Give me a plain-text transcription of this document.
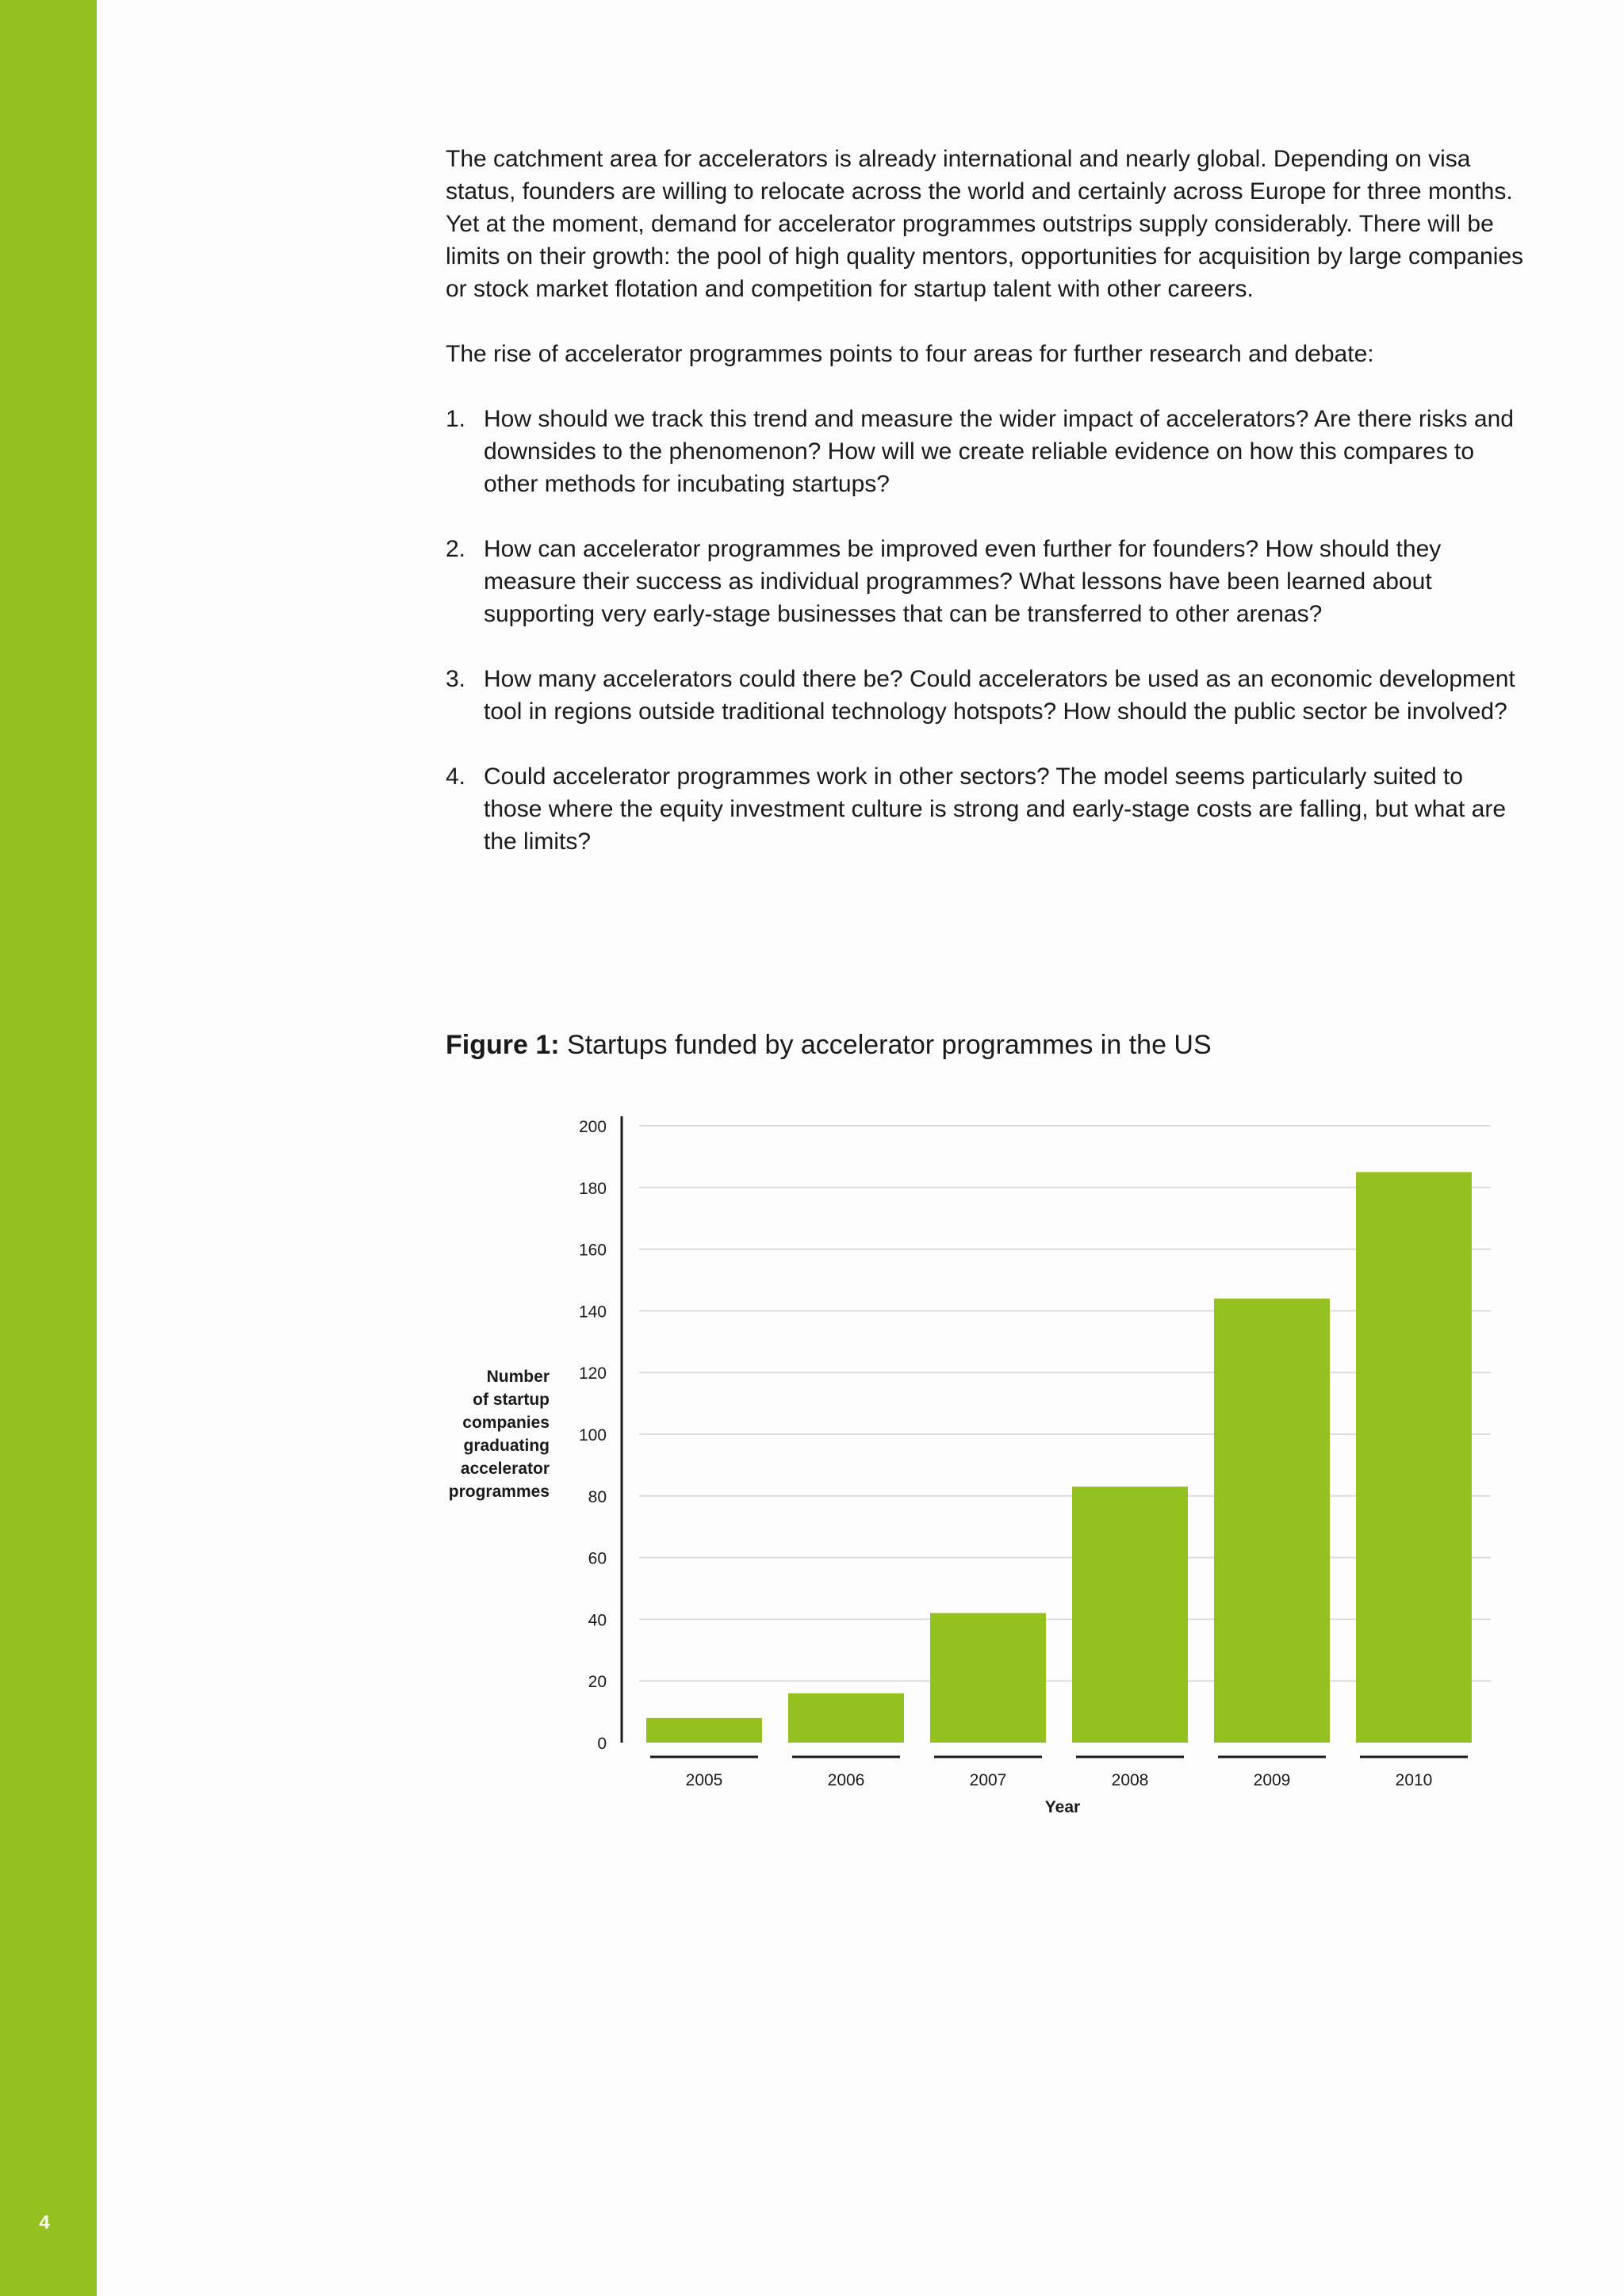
4

The catchment area for accelerators is already international and nearly global. Depending on visa status, founders are willing to relocate across the world and certainly across Europe for three months. Yet at the moment, demand for accelerator programmes outstrips supply considerably. There will be limits on their growth: the pool of high quality mentors, opportunities for acquisition by large companies or stock market flotation and competition for startup talent with other careers.

The rise of accelerator programmes points to four areas for further research and debate:

1. How should we track this trend and measure the wider impact of accelerators? Are there risks and downsides to the phenomenon? How will we create reliable evidence on how this compares to other methods for incubating startups?
2. How can accelerator programmes be improved even further for founders? How should they measure their success as individual programmes? What lessons have been learned about supporting very early-stage businesses that can be transferred to other arenas?
3. How many accelerators could there be? Could accelerators be used as an economic development tool in regions outside traditional technology hotspots? How should the public sector be involved?
4. Could accelerator programmes work in other sectors? The model seems particularly suited to those where the equity investment culture is strong and early-stage costs are falling, but what are the limits?
Figure 1: Startups funded by accelerator programmes in the US
0
20
40
60
80
100
120
140
160
180
200
2005	2006	2007	2008	2009	2010
Number
of startup
companies
graduating
accelerator
programmes
Year
